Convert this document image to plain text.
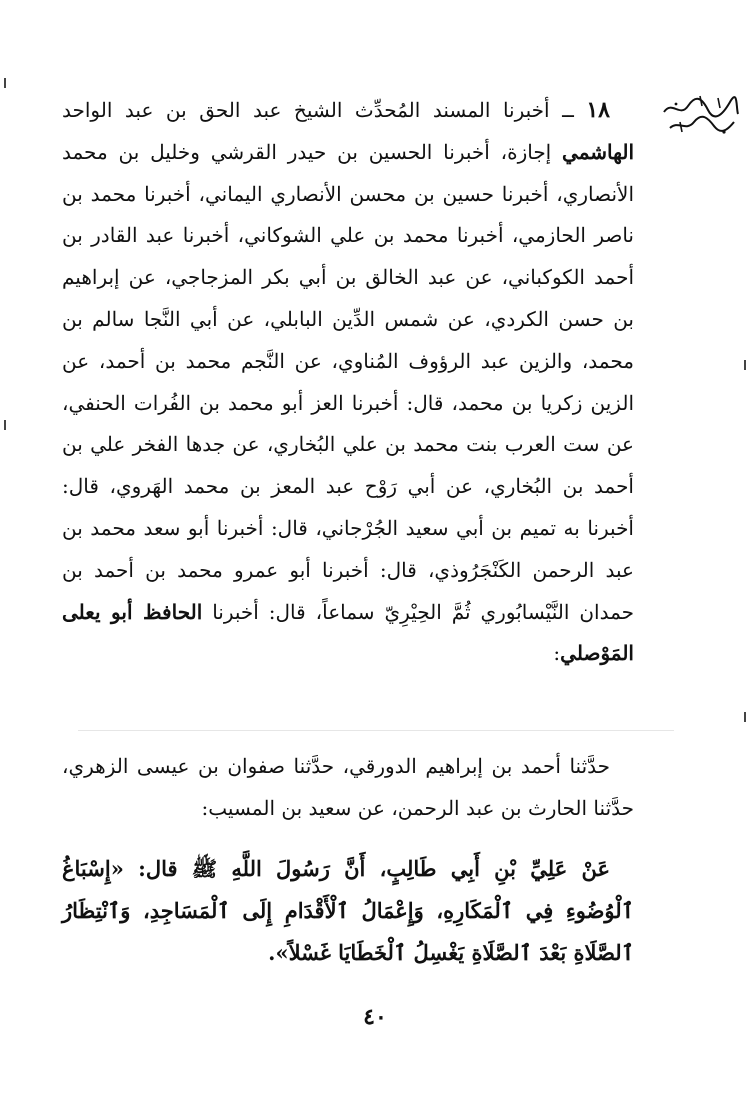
١٨ ــ أخبرنا المسند المُحدِّث الشيخ عبد الحق بن عبد الواحد الهاشمي إجازة، أخبرنا الحسين بن حيدر القرشي وخليل بن محمد الأنصاري، أخبرنا حسين بن محسن الأنصاري اليماني، أخبرنا محمد بن ناصر الحازمي، أخبرنا محمد بن علي الشوكاني، أخبرنا عبد القادر بن أحمد الكوكباني، عن عبد الخالق بن أبي بكر المزجاجي، عن إبراهيم بن حسن الكردي، عن شمس الدِّين البابلي، عن أبي النَّجا سالم بن محمد، والزين عبد الرؤوف المُناوي، عن النَّجم محمد بن أحمد، عن الزين زكريا بن محمد، قال: أخبرنا العز أبو محمد بن الفُرات الحنفي، عن ست العرب بنت محمد بن علي البُخاري، عن جدها الفخر علي بن أحمد بن البُخاري، عن أبي رَوْح عبد المعز بن محمد الهَروي، قال: أخبرنا به تميم بن أبي سعيد الجُرْجاني، قال: أخبرنا أبو سعد محمد بن عبد الرحمن الكَنْجَرُوذي، قال: أخبرنا أبو عمرو محمد بن أحمد بن حمدان النَّيْسابُوري ثُمَّ الحِيْرِيّ سماعاً، قال: أخبرنا الحافظ أبو يعلى المَوْصلي:

حدَّثنا أحمد بن إبراهيم الدورقي، حدَّثنا صفوان بن عيسى الزهري، حدَّثنا الحارث بن عبد الرحمن، عن سعيد بن المسيب:

عَنْ عَلِيِّ بْنِ أَبِي طَالِبٍ، أَنَّ رَسُولَ اللَّهِ ﷺ قال: «إِسْبَاغُ ٱلْوُضُوءِ فِي ٱلْمَكَارِهِ، وَإِعْمَالُ ٱلْأَقْدَامِ إِلَى ٱلْمَسَاجِدِ، وَٱنْتِظَارُ ٱلصَّلَاةِ بَعْدَ ٱلصَّلَاةِ يَغْسِلُ ٱلْخَطَايَا غَسْلاً».

٤٠
